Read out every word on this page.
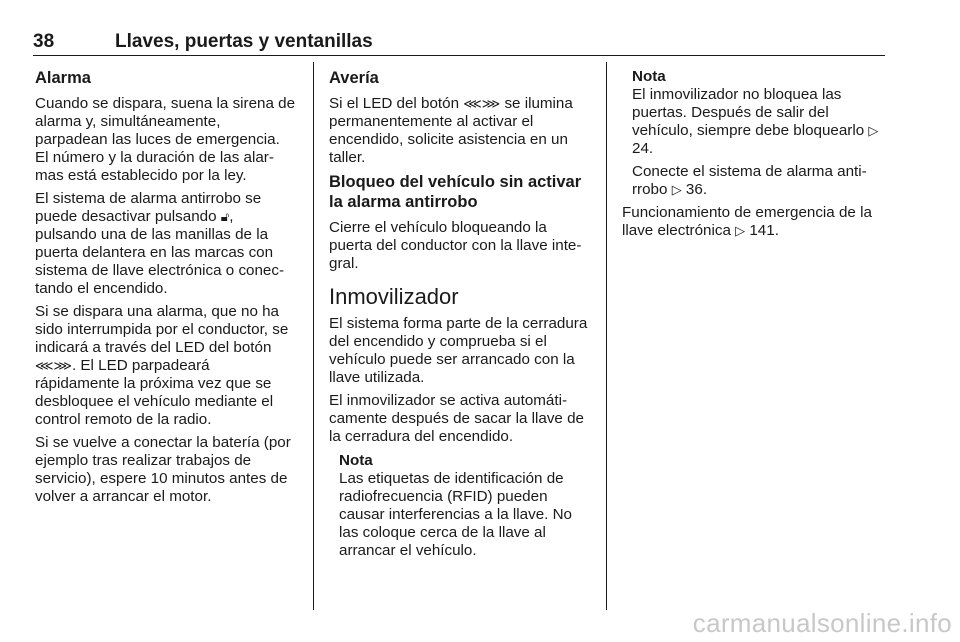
38	Llaves, puertas y ventanillas
Alarma

Cuando se dispara, suena la sirena de alarma y, simultáneamente, parpadean las luces de emergencia. El número y la duración de las alarmas está establecido por la ley.

El sistema de alarma antirrobo se puede desactivar pulsando 🔓︎, pulsando una de las manillas de la puerta delantera en las marcas con sistema de llave electrónica o conectando el encendido.

Si se dispara una alarma, que no ha sido interrumpida por el conductor, se indicará a través del LED del botón ⋘⋙. El LED parpadeará rápidamente la próxima vez que se desbloquee el vehículo mediante el control remoto de la radio.

Si se vuelve a conectar la batería (por ejemplo tras realizar trabajos de servicio), espere 10 minutos antes de volver a arrancar el motor.

Avería

Si el LED del botón ⋘⋙ se ilumina permanentemente al activar el encendido, solicite asistencia en un taller.

Bloqueo del vehículo sin activar la alarma antirrobo

Cierre el vehículo bloqueando la puerta del conductor con la llave integral.

Inmovilizador

El sistema forma parte de la cerradura del encendido y comprueba si el vehículo puede ser arrancado con la llave utilizada.

El inmovilizador se activa automáticamente después de sacar la llave de la cerradura del encendido.

Nota
Las etiquetas de identificación de radiofrecuencia (RFID) pueden causar interferencias a la llave. No las coloque cerca de la llave al arrancar el vehículo.
Nota

El inmovilizador no bloquea las puertas. Después de salir del vehículo, siempre debe bloquearlo ▷ 24.

Conecte el sistema de alarma antirrobo ▷ 36.

Funcionamiento de emergencia de la llave electrónica ▷ 141.

carmanualsonline.info
